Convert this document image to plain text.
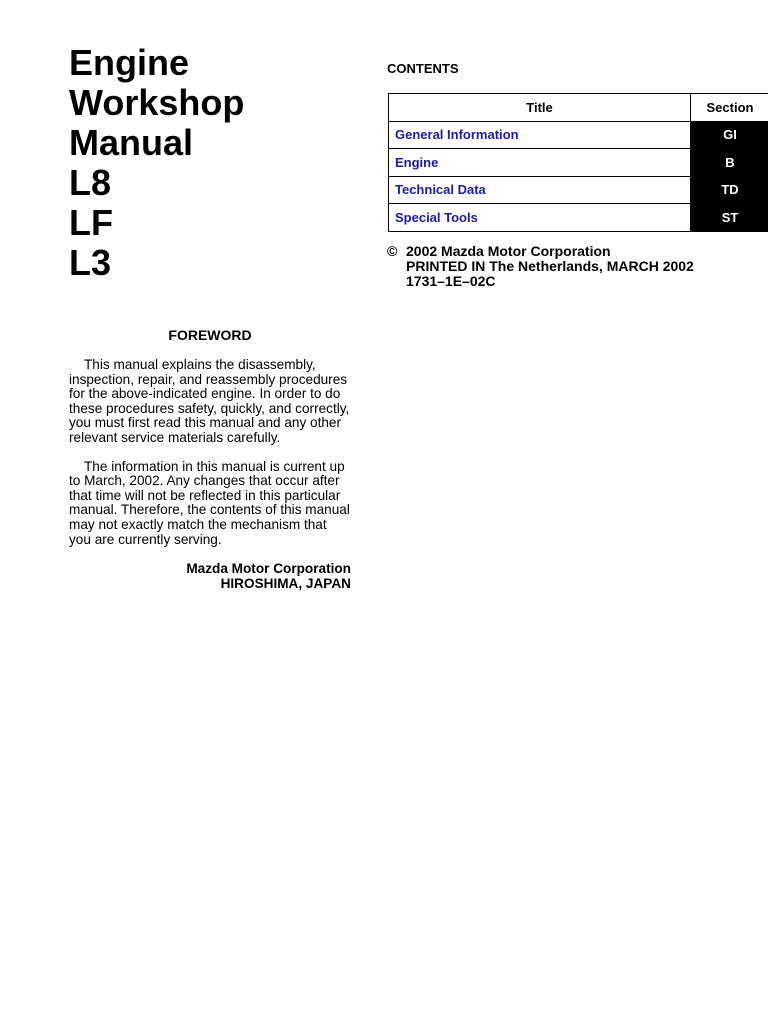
Engine
Workshop
Manual
L8
LF
L3
FOREWORD

This manual explains the disassembly, inspection, repair, and reassembly procedures for the above-indicated engine. In order to do these procedures safety, quickly, and correctly, you must first read this manual and any other relevant service materials carefully.

The information in this manual is current up to March, 2002. Any changes that occur after that time will not be reflected in this particular manual. Therefore, the contents of this manual may not exactly match the mechanism that you are currently serving.

Mazda Motor Corporation
HIROSHIMA, JAPAN
CONTENTS
Title	Section
General Information	GI
Engine	B
Technical Data	TD
Special Tools	ST
© 2002 Mazda Motor Corporation
PRINTED IN The Netherlands, MARCH 2002
1731–1E–02C
